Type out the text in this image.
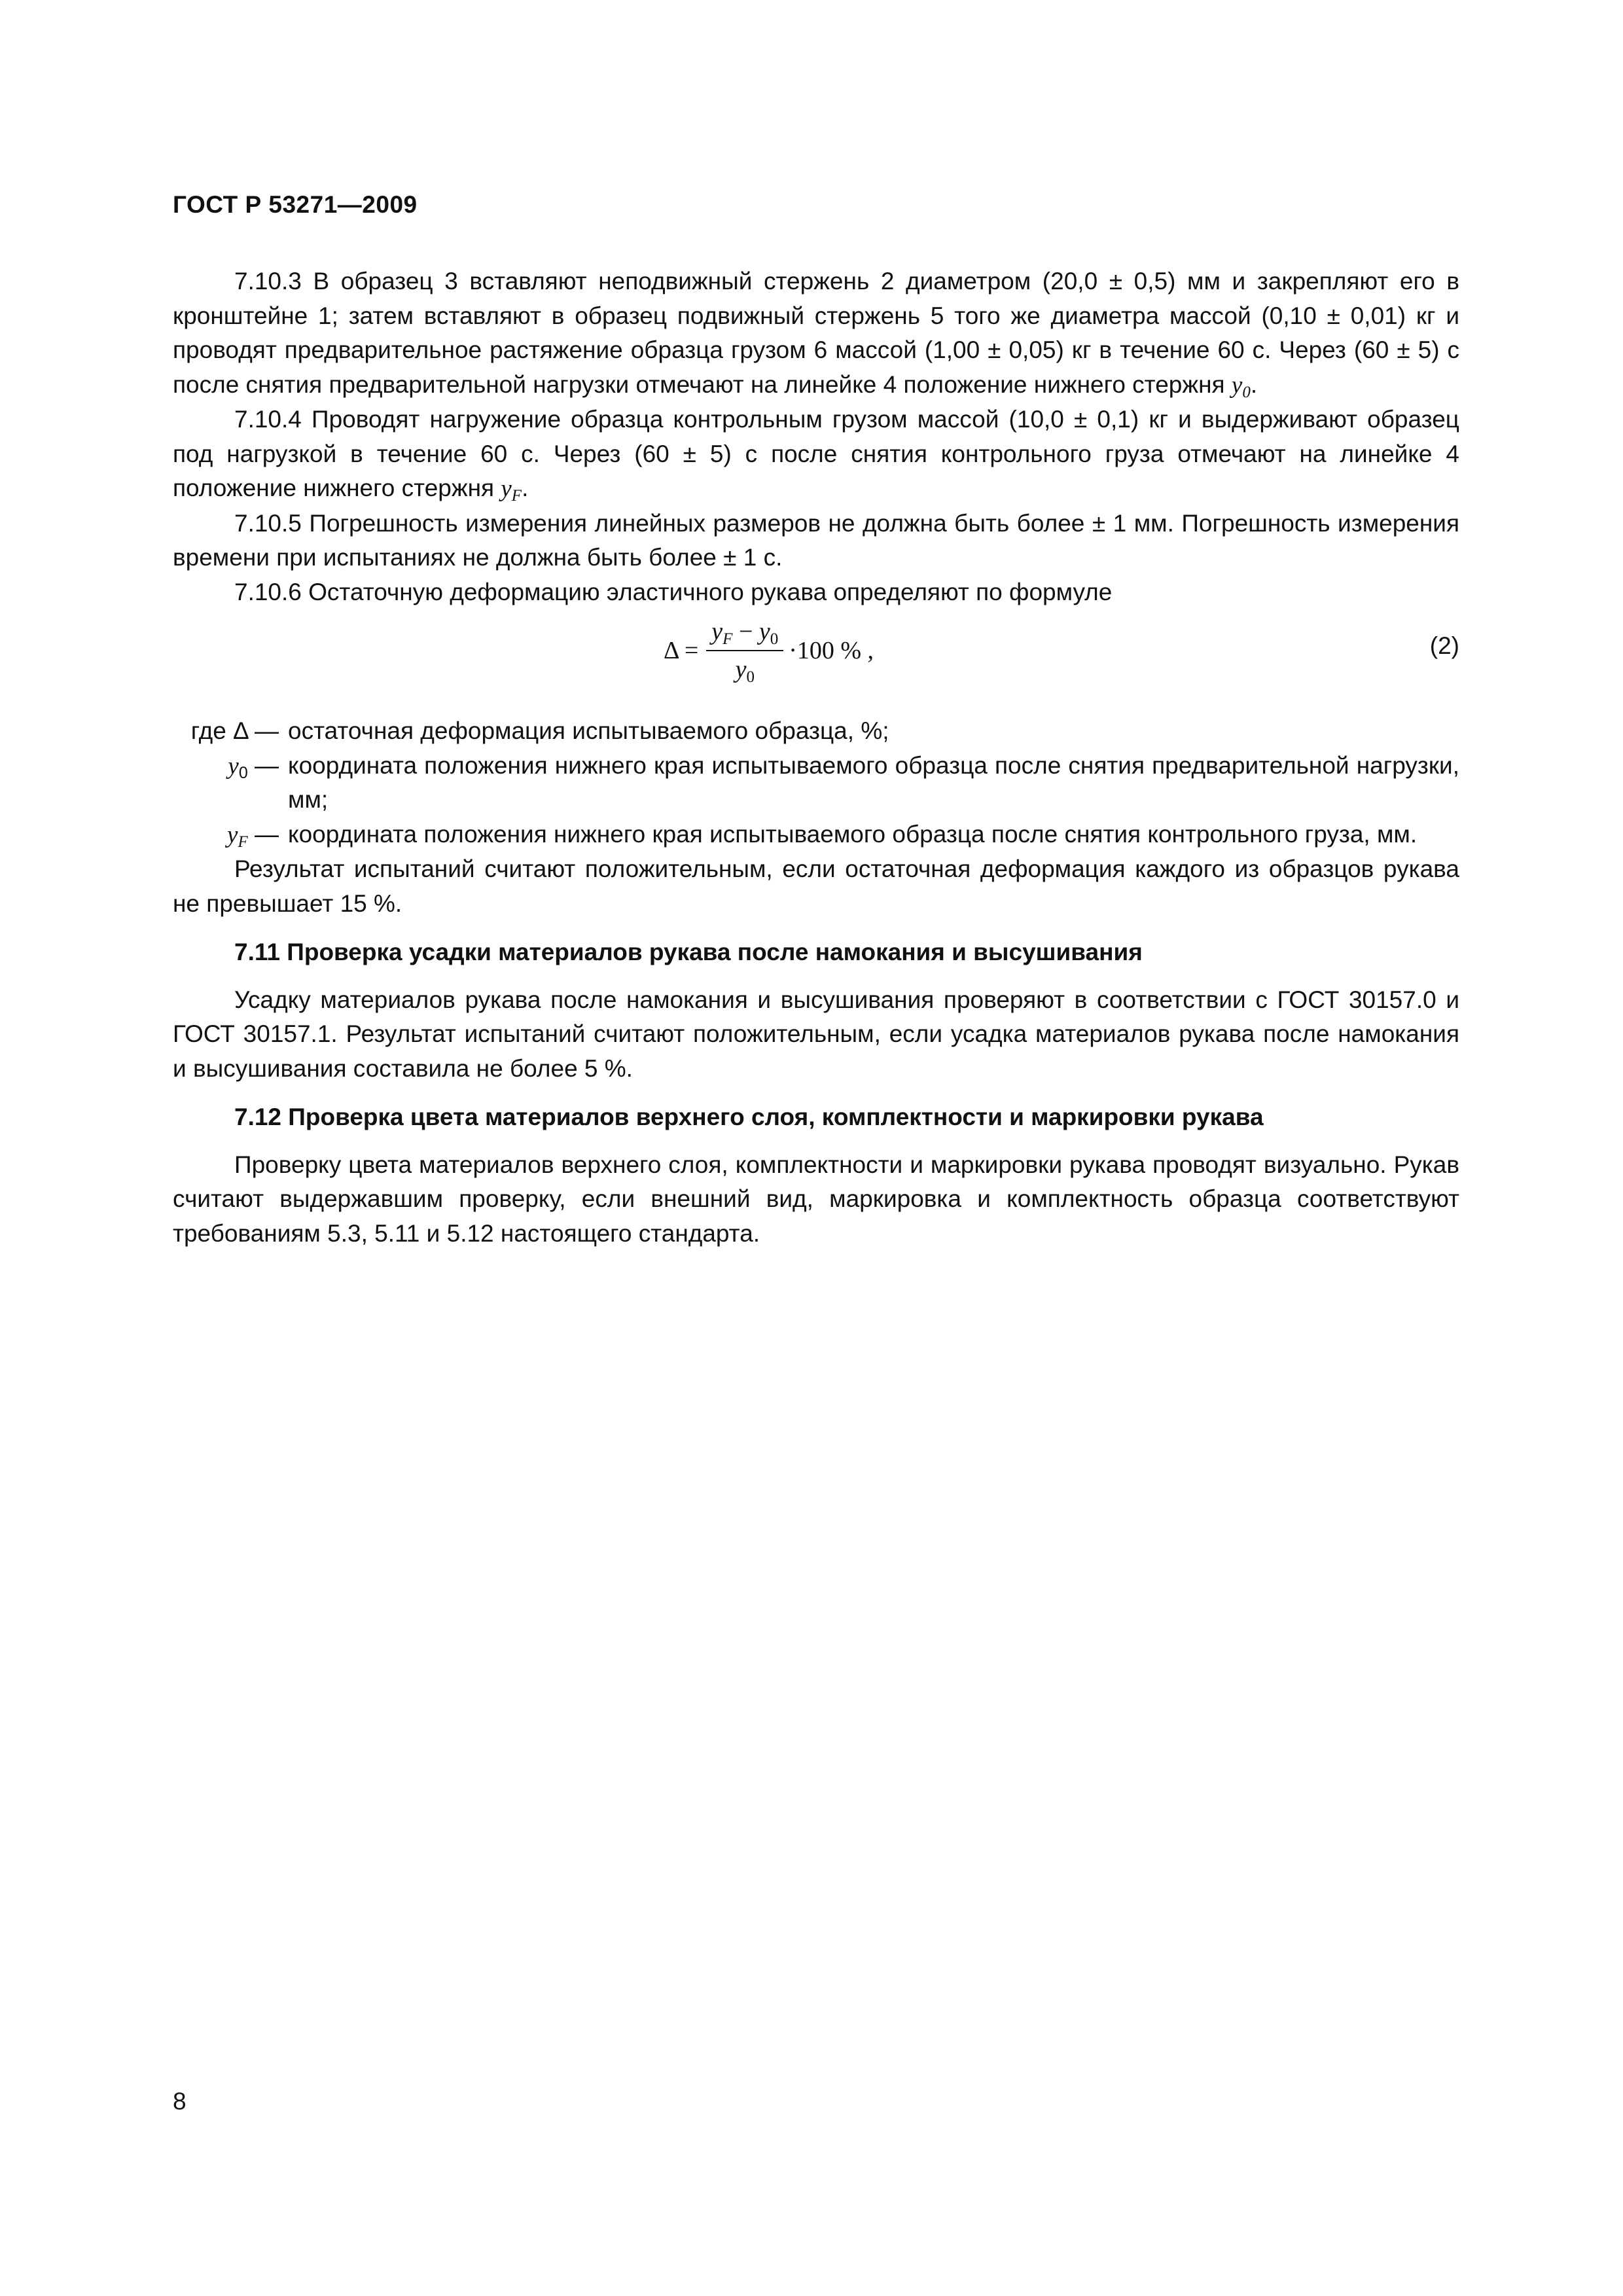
ГОСТ Р 53271—2009

7.10.3 В образец 3 вставляют неподвижный стержень 2 диаметром (20,0 ± 0,5) мм и закрепляют его в кронштейне 1; затем вставляют в образец подвижный стержень 5 того же диаметра массой (0,10 ± 0,01) кг и проводят предварительное растяжение образца грузом 6 массой (1,00 ± 0,05) кг в течение 60 с. Через (60 ± 5) с после снятия предварительной нагрузки отмечают на линейке 4 положение нижнего стержня $y_0$.

7.10.4 Проводят нагружение образца контрольным грузом массой (10,0 ± 0,1) кг и выдерживают образец под нагрузкой в течение 60 с. Через (60 ± 5) с после снятия контрольного груза отмечают на линейке 4 положение нижнего стержня $y_F$.

7.10.5 Погрешность измерения линейных размеров не должна быть более ± 1 мм. Погрешность измерения времени при испытаниях не должна быть более ± 1 с.

7.10.6 Остаточную деформацию эластичного рукава определяют по формуле

$\Delta = \frac{y_F - y_0}{y_0} \cdot 100$ % ,	(2)
где Δ — остаточная деформация испытываемого образца, %;
$y_0$ — координата положения нижнего края испытываемого образца после снятия предварительной нагрузки, мм;
$y_F$ — координата положения нижнего края испытываемого образца после снятия контрольного груза, мм.

Результат испытаний считают положительным, если остаточная деформация каждого из образцов рукава не превышает 15 %.

7.11 Проверка усадки материалов рукава после намокания и высушивания

Усадку материалов рукава после намокания и высушивания проверяют в соответствии с ГОСТ 30157.0 и ГОСТ 30157.1. Результат испытаний считают положительным, если усадка материалов рукава после намокания и высушивания составила не более 5 %.

7.12 Проверка цвета материалов верхнего слоя, комплектности и маркировки рукава

Проверку цвета материалов верхнего слоя, комплектности и маркировки рукава проводят визуально. Рукав считают выдержавшим проверку, если внешний вид, маркировка и комплектность образца соответствуют требованиям 5.3, 5.11 и 5.12 настоящего стандарта.

8
